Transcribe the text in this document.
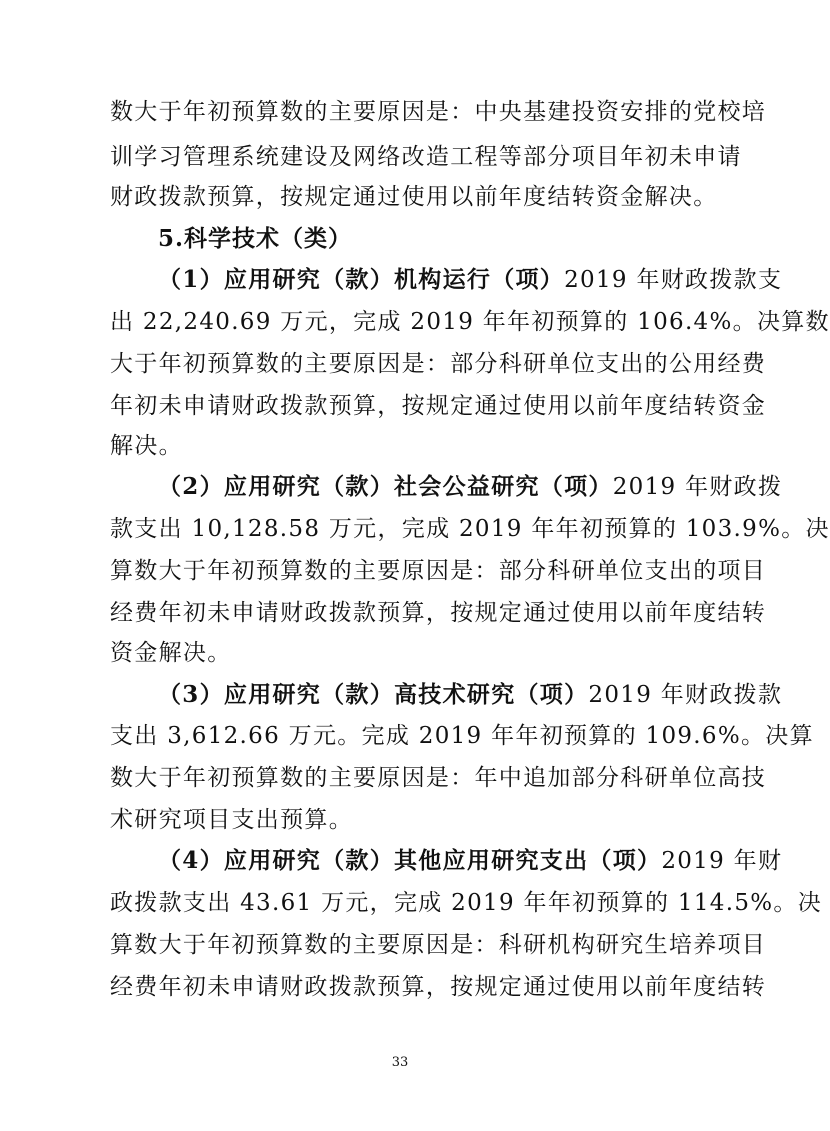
数大于年初预算数的主要原因是：中央基建投资安排的党校培
训学习管理系统建设及网络改造工程等部分项目年初未申请
财政拨款预算，按规定通过使用以前年度结转资金解决。
5.科学技术（类）
（1）应用研究（款）机构运行（项）2019 年财政拨款支
出 22,240.69 万元，完成 2019 年年初预算的 106.4%。决算数
大于年初预算数的主要原因是：部分科研单位支出的公用经费
年初未申请财政拨款预算，按规定通过使用以前年度结转资金
解决。
（2）应用研究（款）社会公益研究（项）2019 年财政拨
款支出 10,128.58 万元，完成 2019 年年初预算的 103.9%。决
算数大于年初预算数的主要原因是：部分科研单位支出的项目
经费年初未申请财政拨款预算，按规定通过使用以前年度结转
资金解决。
（3）应用研究（款）高技术研究（项）2019 年财政拨款
支出 3,612.66 万元。完成 2019 年年初预算的 109.6%。决算
数大于年初预算数的主要原因是：年中追加部分科研单位高技
术研究项目支出预算。
（4）应用研究（款）其他应用研究支出（项）2019 年财
政拨款支出 43.61 万元，完成 2019 年年初预算的 114.5%。决
算数大于年初预算数的主要原因是：科研机构研究生培养项目
经费年初未申请财政拨款预算，按规定通过使用以前年度结转
33
